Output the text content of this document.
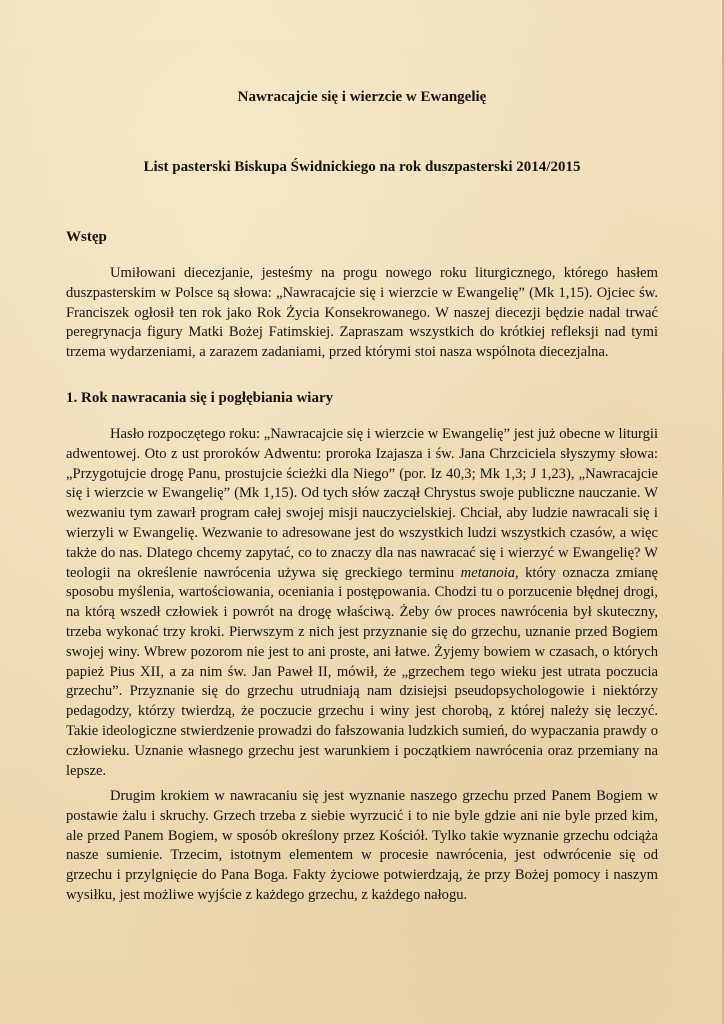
Nawracajcie się i wierzcie w Ewangelię
List pasterski Biskupa Świdnickiego na rok duszpasterski 2014/2015
Wstęp

Umiłowani diecezjanie, jesteśmy na progu nowego roku liturgicznego, którego hasłem duszpasterskim w Polsce są słowa: „Nawracajcie się i wierzcie w Ewangelię” (Mk 1,15). Ojciec św. Franciszek ogłosił ten rok jako Rok Życia Konsekrowanego. W naszej diecezji będzie nadal trwać peregrynacja figury Matki Bożej Fatimskiej. Zapraszam wszystkich do krótkiej refleksji nad tymi trzema wydarzeniami, a zarazem zadaniami, przed którymi stoi nasza wspólnota diecezjalna.

1. Rok nawracania się i pogłębiania wiary

Hasło rozpoczętego roku: „Nawracajcie się i wierzcie w Ewangelię” jest już obecne w liturgii adwentowej. Oto z ust proroków Adwentu: proroka Izajasza i św. Jana Chrzciciela słyszymy słowa: „Przygotujcie drogę Panu, prostujcie ścieżki dla Niego” (por. Iz 40,3; Mk 1,3; J 1,23), „Nawracajcie się i wierzcie w Ewangelię” (Mk 1,15). Od tych słów zaczął Chrystus swoje publiczne nauczanie. W wezwaniu tym zawarł program całej swojej misji nauczycielskiej. Chciał, aby ludzie nawracali się i wierzyli w Ewangelię. Wezwanie to adresowane jest do wszystkich ludzi wszystkich czasów, a więc także do nas. Dlatego chcemy zapytać, co to znaczy dla nas nawracać się i wierzyć w Ewangelię? W teologii na określenie nawrócenia używa się greckiego terminu metanoia, który oznacza zmianę sposobu myślenia, wartościowania, oceniania i postępowania. Chodzi tu o porzucenie błędnej drogi, na którą wszedł człowiek i powrót na drogę właściwą. Żeby ów proces nawrócenia był skuteczny, trzeba wykonać trzy kroki. Pierwszym z nich jest przyznanie się do grzechu, uznanie przed Bogiem swojej winy. Wbrew pozorom nie jest to ani proste, ani łatwe. Żyjemy bowiem w czasach, o których papież Pius XII, a za nim św. Jan Paweł II, mówił, że „grzechem tego wieku jest utrata poczucia grzechu”. Przyznanie się do grzechu utrudniają nam dzisiejsi pseudopsychologowie i niektórzy pedagodzy, którzy twierdzą, że poczucie grzechu i winy jest chorobą, z której należy się leczyć. Takie ideologiczne stwierdzenie prowadzi do fałszowania ludzkich sumień, do wypaczania prawdy o człowieku. Uznanie własnego grzechu jest warunkiem i początkiem nawrócenia oraz przemiany na lepsze.

Drugim krokiem w nawracaniu się jest wyznanie naszego grzechu przed Panem Bogiem w postawie żalu i skruchy. Grzech trzeba z siebie wyrzucić i to nie byle gdzie ani nie byle przed kim, ale przed Panem Bogiem, w sposób określony przez Kościół. Tylko takie wyznanie grzechu odciąża nasze sumienie. Trzecim, istotnym elementem w procesie nawrócenia, jest odwrócenie się od grzechu i przylgnięcie do Pana Boga. Fakty życiowe potwierdzają, że przy Bożej pomocy i naszym wysiłku, jest możliwe wyjście z każdego grzechu, z każdego nałogu.
